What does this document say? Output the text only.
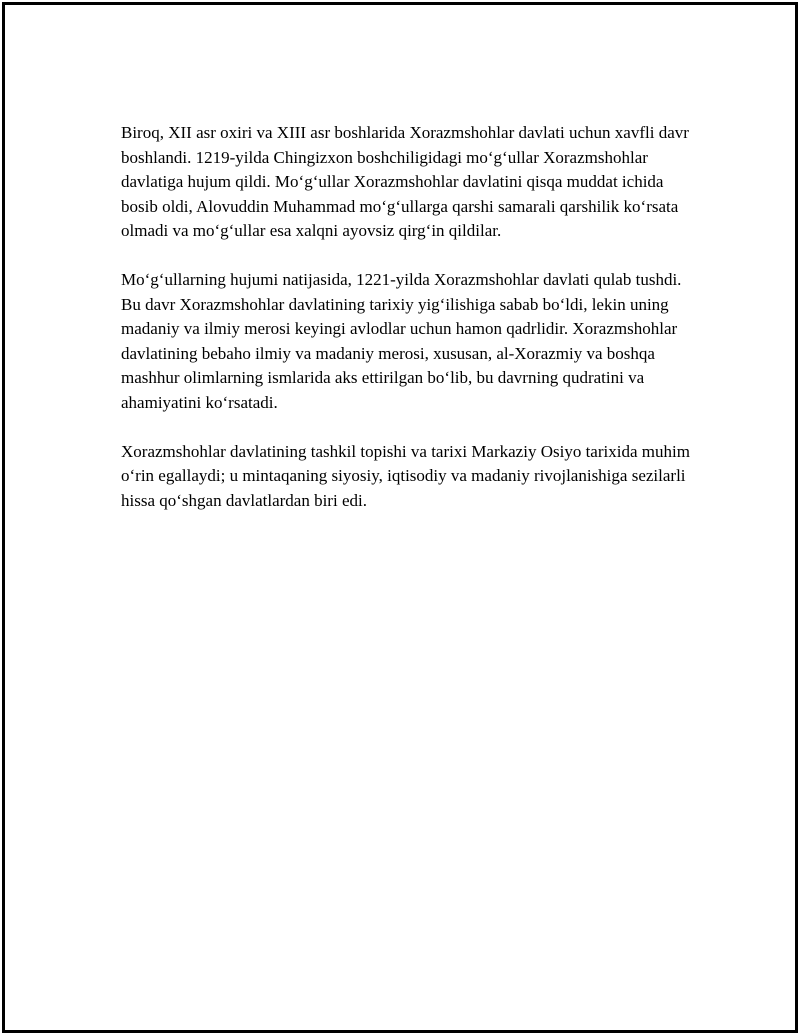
Biroq, XII asr oxiri va XIII asr boshlarida Xorazmshohlar davlati uchun xavfli davr boshlandi. 1219-yilda Chingizxon boshchiligidagi mo‘g‘ullar Xorazmshohlar davlatiga hujum qildi. Mo‘g‘ullar Xorazmshohlar davlatini qisqa muddat ichida bosib oldi, Alovuddin Muhammad mo‘g‘ullarga qarshi samarali qarshilik ko‘rsata olmadi va mo‘g‘ullar esa xalqni ayovsiz qirg‘in qildilar.

Mo‘g‘ullarning hujumi natijasida, 1221-yilda Xorazmshohlar davlati qulab tushdi. Bu davr Xorazmshohlar davlatining tarixiy yig‘ilishiga sabab bo‘ldi, lekin uning madaniy va ilmiy merosi keyingi avlodlar uchun hamon qadrlidir. Xorazmshohlar davlatining bebaho ilmiy va madaniy merosi, xususan, al-Xorazmiy va boshqa mashhur olimlarning ismlarida aks ettirilgan bo‘lib, bu davrning qudratini va ahamiyatini ko‘rsatadi.

Xorazmshohlar davlatining tashkil topishi va tarixi Markaziy Osiyo tarixida muhim o‘rin egallaydi; u mintaqaning siyosiy, iqtisodiy va madaniy rivojlanishiga sezilarli hissa qo‘shgan davlatlardan biri edi.
